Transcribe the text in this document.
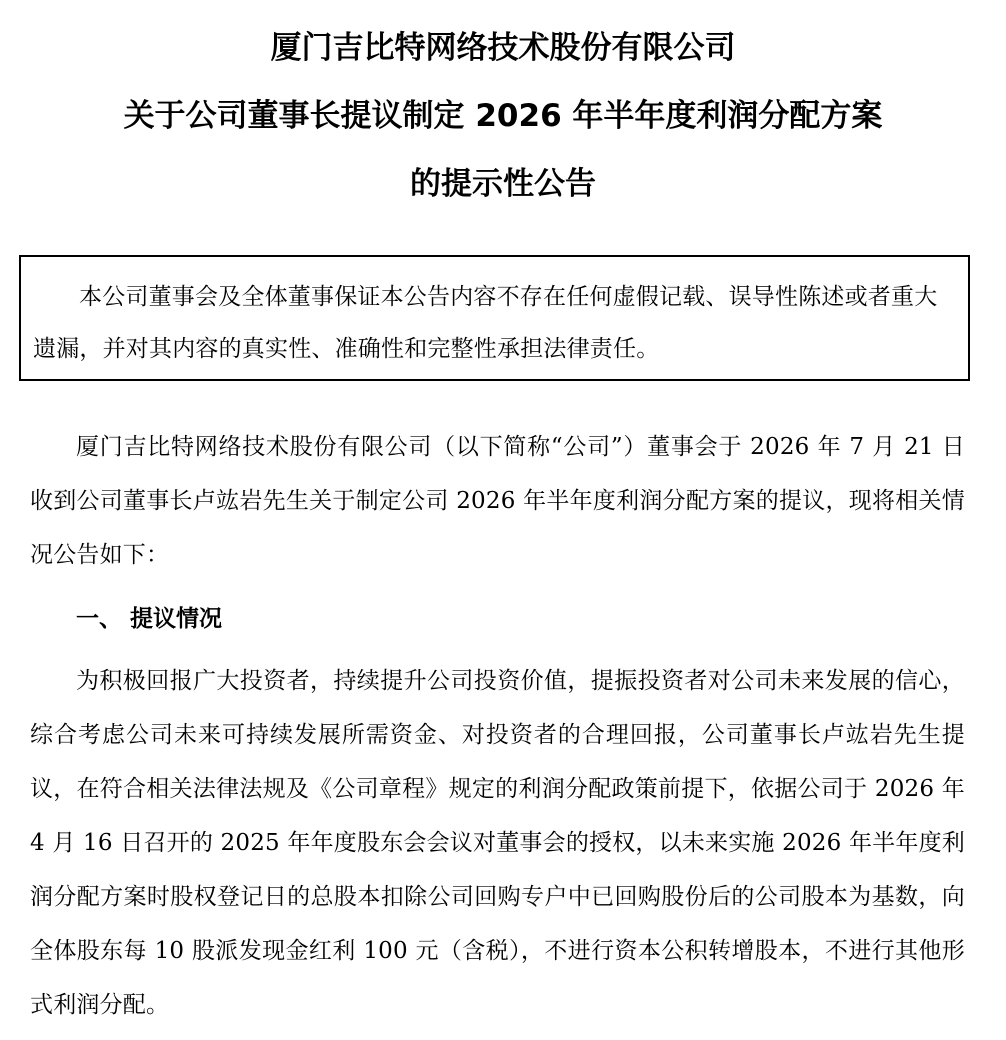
厦门吉比特网络技术股份有限公司
关于公司董事长提议制定 2026 年半年度利润分配方案
的提示性公告
本公司董事会及全体董事保证本公告内容不存在任何虚假记载、误导性陈述或者重大遗漏，并对其内容的真实性、准确性和完整性承担法律责任。

厦门吉比特网络技术股份有限公司（以下简称“公司”）董事会于 2026 年 7 月 21 日收到公司董事长卢竑岩先生关于制定公司 2026 年半年度利润分配方案的提议，现将相关情况公告如下：

一、 提议情况

为积极回报广大投资者，持续提升公司投资价值，提振投资者对公司未来发展的信心，综合考虑公司未来可持续发展所需资金、对投资者的合理回报，公司董事长卢竑岩先生提议，在符合相关法律法规及《公司章程》规定的利润分配政策前提下，依据公司于 2026 年 4 月 16 日召开的 2025 年年度股东会会议对董事会的授权，以未来实施 2026 年半年度利润分配方案时股权登记日的总股本扣除公司回购专户中已回购股份后的公司股本为基数，向全体股东每 10 股派发现金红利 100 元（含税），不进行资本公积转增股本，不进行其他形式利润分配。
